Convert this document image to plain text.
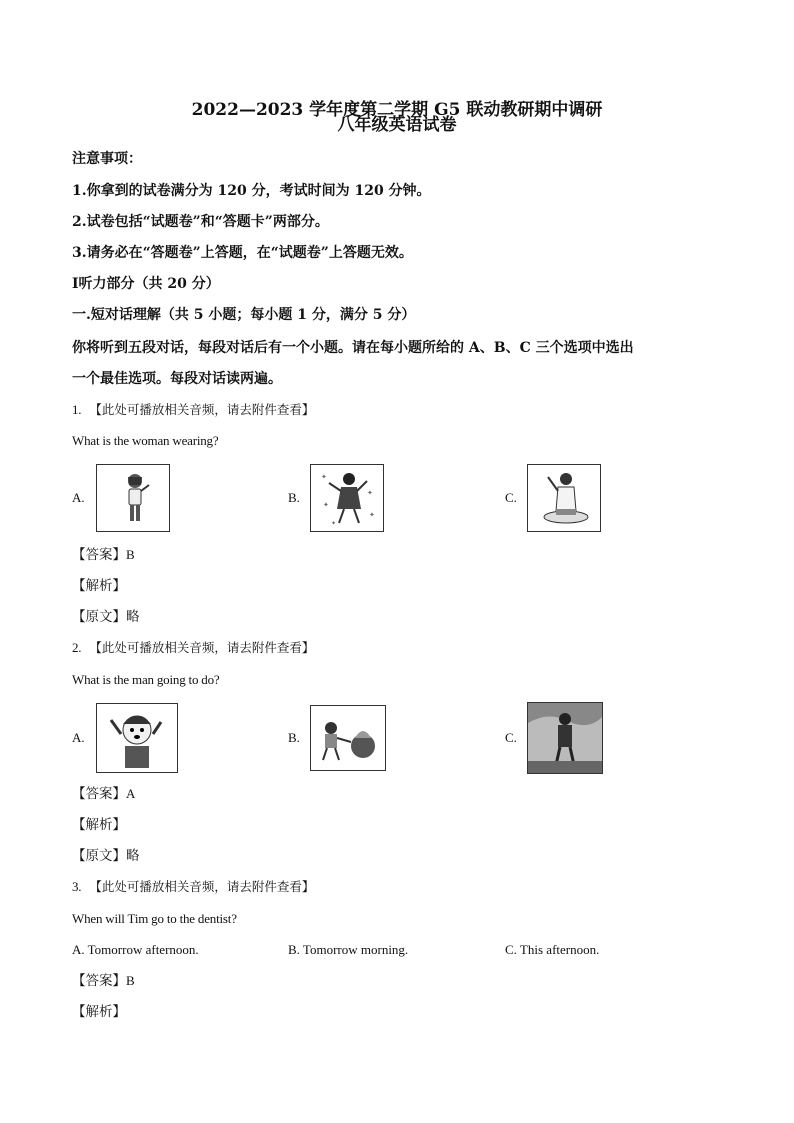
2022—2023 学年度第二学期 G5 联动教研期中调研
八年级英语试卷
注意事项：
1.你拿到的试卷满分为 120 分，考试时间为 120 分钟。
2.试卷包括“试题卷”和“答题卡”两部分。
3.请务必在“答题卷”上答题，在“试题卷”上答题无效。
Ⅰ听力部分（共 20 分）
一.短对话理解（共 5 小题；每小题 1 分，满分 5 分）
你将听到五段对话，每段对话后有一个小题。请在每小题所给的 A、B、C 三个选项中选出
一个最佳选项。每段对话读两遍。
1. 【此处可播放相关音频，请去附件查看】
What is the woman wearing?
A.	B.
✦
✦
✦
✦
✦
C.
【答案】B
【解析】
【原文】略
2. 【此处可播放相关音频，请去附件查看】
What is the man going to do?
A.	B.	C.
【答案】A
【解析】
【原文】略
3. 【此处可播放相关音频，请去附件查看】
When will Tim go to the dentist?
A. Tomorrow afternoon.	B. Tomorrow morning.	C. This afternoon.
【答案】B
【解析】
